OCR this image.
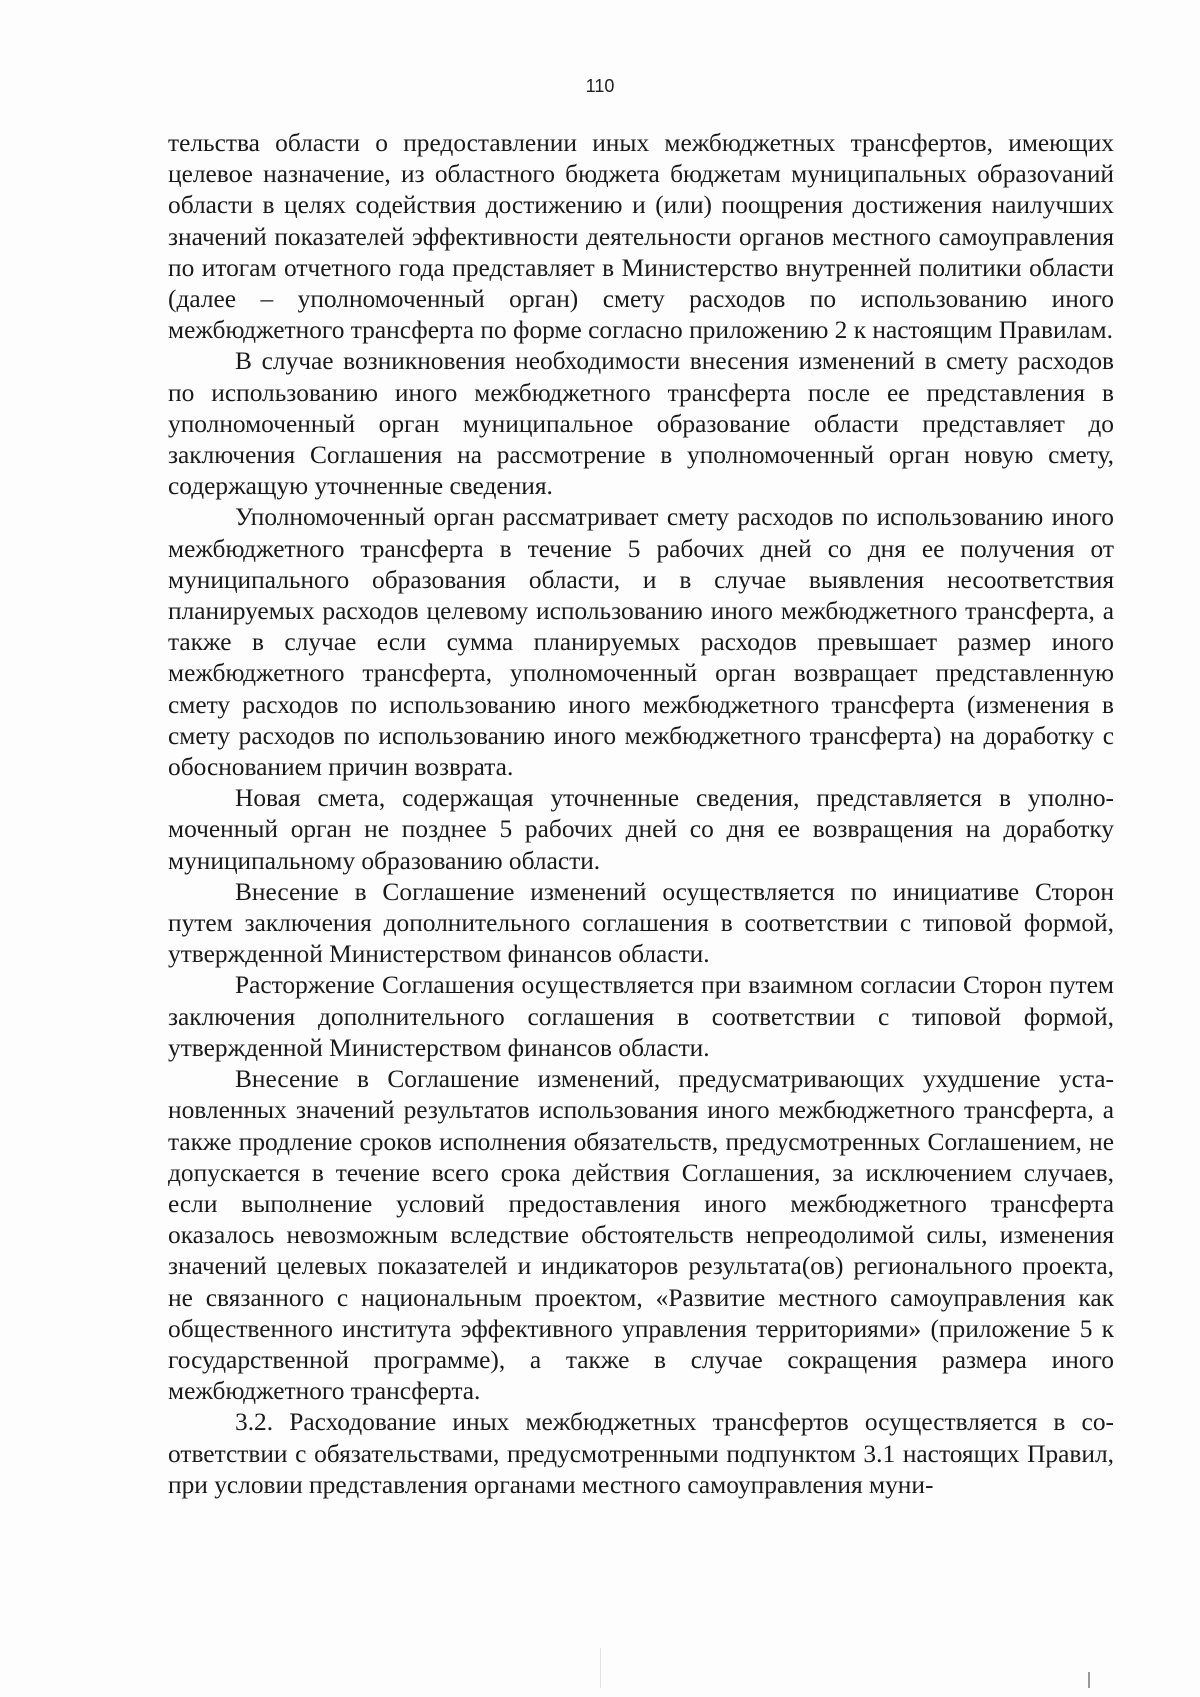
110

тельства области о предоставлении иных межбюджетных трансфертов, имеющих целевое назначение, из областного бюджета бюджетам муниципальных образоvаний области в целях содействия достижению и (или) поощрения достижения наилучших значений показателей эффективности деятельности органов местного самоуправления по итогам отчетного года представляет в Министерство внутренней политики области (далее – уполномоченный орган) смету расходов по использованию иного межбюджетного трансферта по форме согласно приложению 2 к настоящим Правилам.

В случае возникновения необходимости внесения изменений в смету расходов по использованию иного межбюджетного трансферта после ее представления в уполномоченный орган муниципальное образование области представляет до заключения Соглашения на рассмотрение в уполномоченный орган новую смету, содержащую уточненные сведения.

Уполномоченный орган рассматривает смету расходов по использованию иного межбюджетного трансферта в течение 5 рабочих дней со дня ее получения от муниципального образования области, и в случае выявления несоответствия планируемых расходов целевому использованию иного межбюджетного трансферта, а также в случае если сумма планируемых расходов превышает размер иного межбюджетного трансферта, уполномоченный орган возвращает представленную смету расходов по использованию иного межбюджетного трансферта (изменения в смету расходов по использованию иного межбюджетного трансферта) на доработку с обоснованием причин возврата.

Новая смета, содержащая уточненные сведения, представляется в уполномоченный орган не позднее 5 рабочих дней со дня ее возвращения на доработку муниципальному образованию области.

Внесение в Соглашение изменений осуществляется по инициативе Сторон путем заключения дополнительного соглашения в соответствии с типовой формой, утвержденной Министерством финансов области.

Расторжение Соглашения осуществляется при взаимном согласии Сторон путем заключения дополнительного соглашения в соответствии с типовой формой, утвержденной Министерством финансов области.

Внесение в Соглашение изменений, предусматривающих ухудшение установленных значений результатов использования иного межбюджетного трансферта, а также продление сроков исполнения обязательств, предусмотренных Соглашением, не допускается в течение всего срока действия Соглашения, за исключением случаев, если выполнение условий предоставления иного межбюджетного трансферта оказалось невозможным вследствие обстоятельств непреодолимой силы, изменения значений целевых показателей и индикаторов результата(ов) регионального проекта, не связанного с национальным проектом, «Развитие местного самоуправления как общественного института эффективного управления территориями» (приложение 5 к государственной программе), а также в случае сокращения размера иного межбюджетного трансферта.

3.2. Расходование иных межбюджетных трансфертов осуществляется в соответствии с обязательствами, предусмотренными подпунктом 3.1 настоящих Правил, при условии представления органами местного самоуправления муни-
